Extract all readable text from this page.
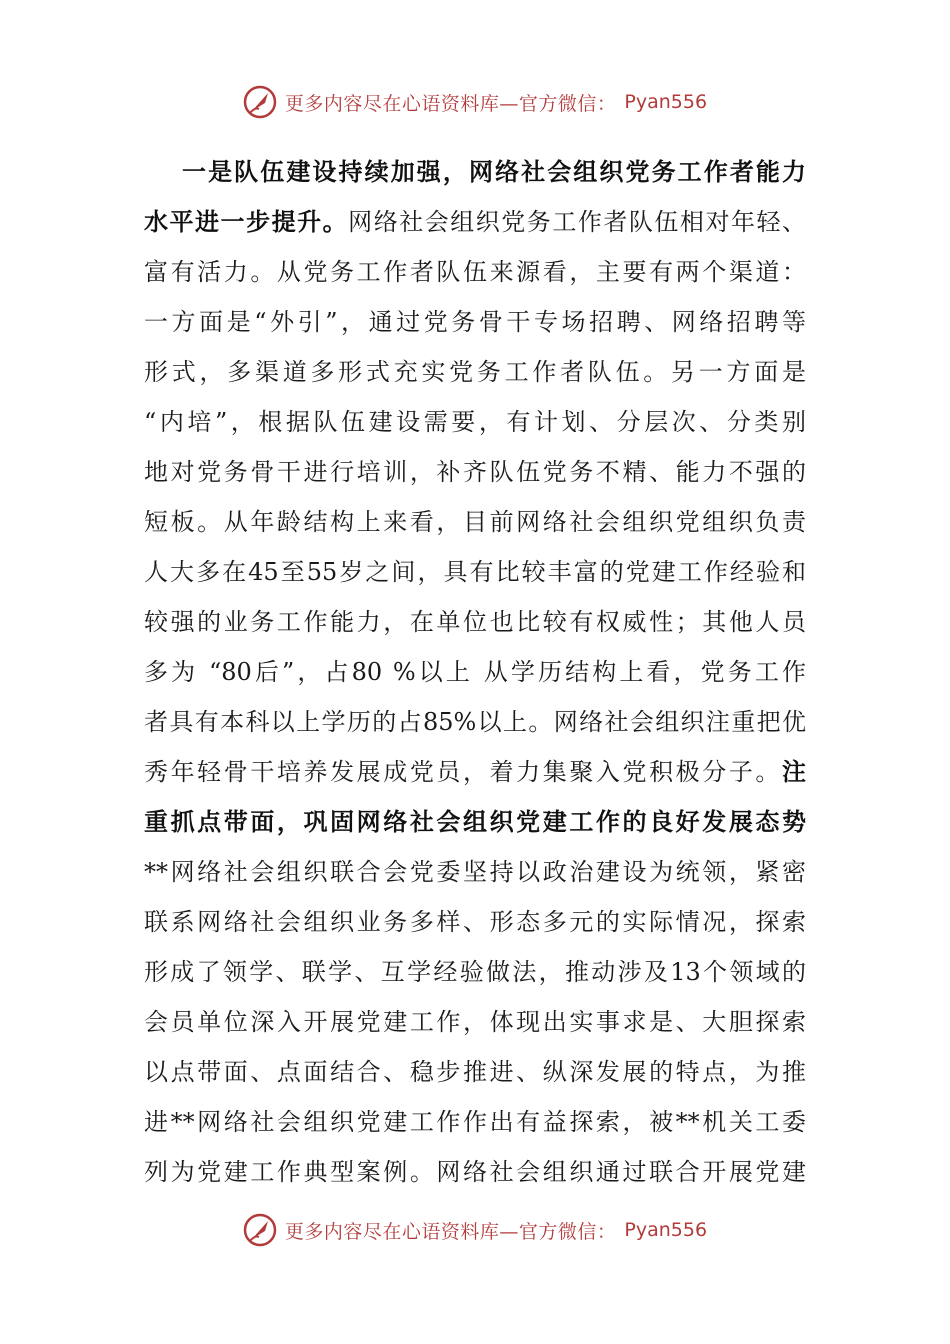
更多内容尽在心语资料库—官方微信： Pyan556
一是队伍建设持续加强，网络社会组织党务工作者能力
水平进一步提升。网络社会组织党务工作者队伍相对年轻、
富有活力。从党务工作者队伍来源看，主要有两个渠道：
一方面是“外引”，通过党务骨干专场招聘、网络招聘等
形式，多渠道多形式充实党务工作者队伍。另一方面是
“内培”，根据队伍建设需要，有计划、分层次、分类别
地对党务骨干进行培训，补齐队伍党务不精、能力不强的
短板。从年龄结构上来看，目前网络社会组织党组织负责
人大多在45至55岁之间，具有比较丰富的党建工作经验和
较强的业务工作能力，在单位也比较有权威性；其他人员
多为 “80后”，占80 %以上 从学历结构上看，党务工作
者具有本科以上学历的占85%以上。网络社会组织注重把优
秀年轻骨干培养发展成党员，着力集聚入党积极分子。注
重抓点带面，巩固网络社会组织党建工作的良好发展态势
**网络社会组织联合会党委坚持以政治建设为统领，紧密
联系网络社会组织业务多样、形态多元的实际情况，探索
形成了领学、联学、互学经验做法，推动涉及13个领域的
会员单位深入开展党建工作，体现出实事求是、大胆探索
以点带面、点面结合、稳步推进、纵深发展的特点，为推
进**网络社会组织党建工作作出有益探索，被**机关工委
列为党建工作典型案例。网络社会组织通过联合开展党建
更多内容尽在心语资料库—官方微信： Pyan556
